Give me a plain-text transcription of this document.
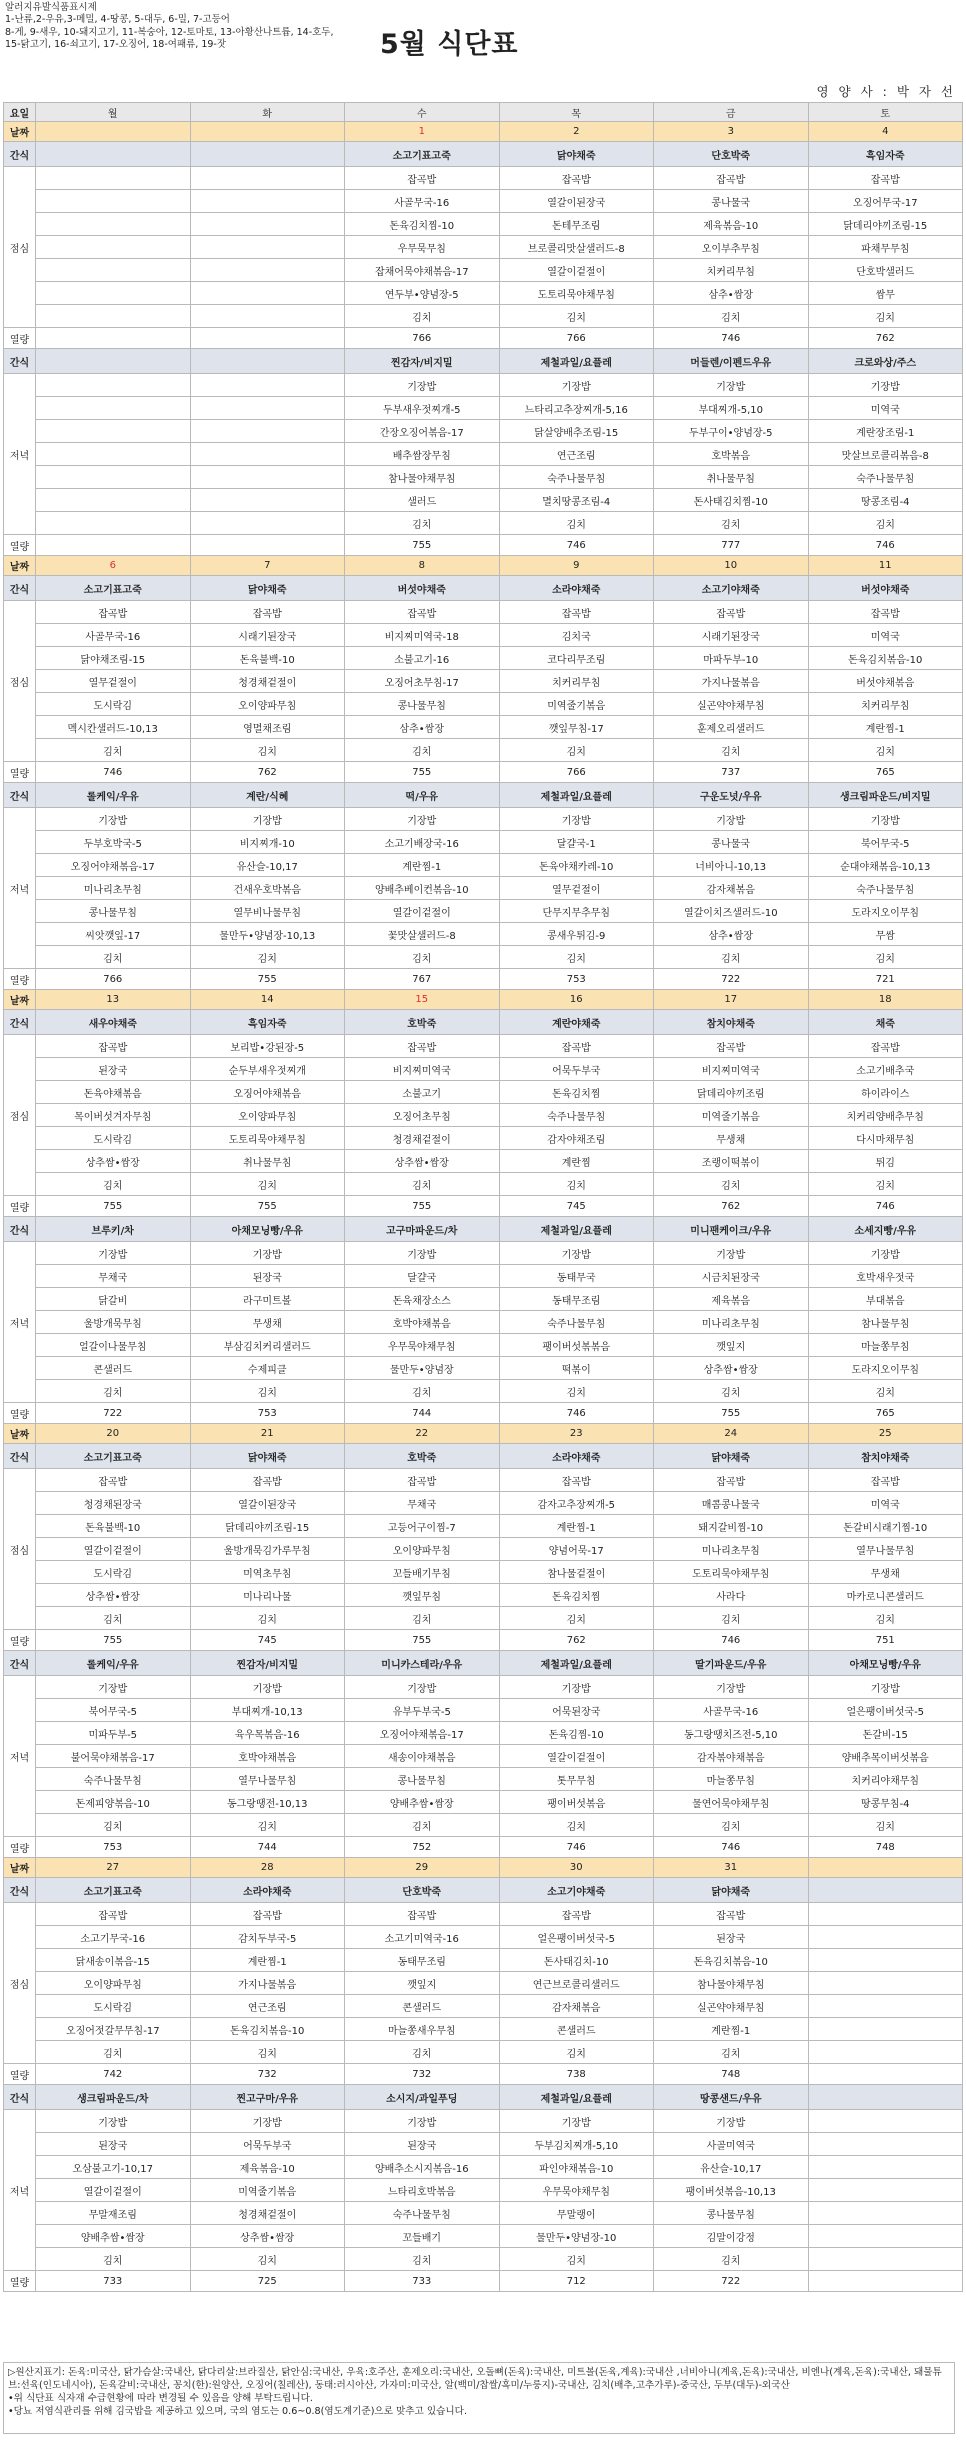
알러지유발식품표시제
1-난류,2-우유,3-메밀, 4-땅콩, 5-대두, 6-밀, 7-고등어
8-게, 9-새우, 10-돼지고기, 11-복숭아, 12-토마토, 13-아황산나트륨, 14-호두,
15-닭고기, 16-쇠고기, 17-오징어, 18-여패류, 19-잣	5월 식단표
영 양 사 : 박 자 선
요일	월	화	수	목	금	토
날짜			1	2	3	4
간식			소고기표고죽	닭야채죽	단호박죽	흑임자죽
점심			잡곡밥	잡곡밥	잡곡밥	잡곡밥
			사골무국-16	열갈이된장국	콩나물국	오징어무국-17
			돈육김치찜-10	돈테무조림	제육볶음-10	닭데리야끼조림-15
			우무묵무침	브로콜리맛살샐러드-8	오이부추무침	파채무무침
			잡채어묵야채볶음-17	열갈이겉절이	치커리무침	단호박샐러드
			연두부•양념장-5	도토리묵야채무침	삼추•쌈장	쌈무
			김치	김치	김치	김치
열량			766	766	746	762
간식			찐감자/비지밀	제철과일/요플레	머들렌/이펜드우유	크로와상/주스
저녁			기장밥	기장밥	기장밥	기장밥
			두부새우젓찌개-5	느타리고추장찌개-5,16	부대찌개-5,10	미역국
			간장오징어볶음-17	닭살양배추조림-15	두부구이•양념장-5	계란장조림-1
			배추쌈장무침	연근조림	호박볶음	맛살브로콜리볶음-8
			참나물야채무침	숙주나물무침	취나물무침	숙주나물무침
			샐러드	멸치땅콩조림-4	돈사태김치찜-10	땅콩조림-4
			김치	김치	김치	김치
열량			755	746	777	746
날짜	6	7	8	9	10	11
간식	소고기표고죽	닭야채죽	버섯야채죽	소라야채죽	소고기야채죽	버섯야채죽
점심	잡곡밥	잡곡밥	잡곡밥	잡곡밥	잡곡밥	잡곡밥
	사골무국-16	시래기된장국	비지찌미역국-18	김치국	시래기된장국	미역국
	닭야채조림-15	돈육불백-10	소불고기-16	코다리무조림	마파두부-10	돈육김치볶음-10
	열무겉절이	청경채겉절이	오징어초무침-17	치커리무침	가지나물볶음	버섯야채볶음
	도시락김	오이양파무침	콩나물무침	미역줄기볶음	실곤약야채무침	치커리무침
	멕시칸샐러드-10,13	영멸채조림	삼추•쌈장	깻잎무침-17	훈제오리샐러드	계란찜-1
	김치	김치	김치	김치	김치	김치
열량	746	762	755	766	737	765
간식	롤케익/우유	계란/식혜	떡/우유	제철과일/요플레	구운도넛/우유	생크림파운드/비지밀
저녁	기장밥	기장밥	기장밥	기장밥	기장밥	기장밥
	두부호박국-5	비지찌개-10	소고기배장국-16	달걀국-1	콩나물국	북어무국-5
	오징어야채볶음-17	유산슬-10,17	계란찜-1	돈육야채카레-10	너비아니-10,13	순대야채볶음-10,13
	미나리초무침	건새우호박볶음	양배추베이컨볶음-10	열무겉절이	감자채볶음	숙주나물무침
	콩나물무침	열무비나물무침	열갈이겉절이	단무지무추무침	열갈이치즈샐러드-10	도라지오이무침
	씨앗깻잎-17	물만두•양념장-10,13	꽃맛살샐러드-8	콩새우튀김-9	삼추•쌈장	무쌈
	김치	김치	김치	김치	김치	김치
열량	766	755	767	753	722	721
날짜	13	14	15	16	17	18
간식	새우야채죽	흑임자죽	호박죽	계란야채죽	참치야채죽	채죽
점심	잡곡밥	보리밥•강된장-5	잡곡밥	잡곡밥	잡곡밥	잡곡밥
	된장국	순두부새우젓찌개	비지찌미역국	어묵두부국	비지찌미역국	소고기배추국
	돈육야채볶음	오징어야채볶음	소불고기	돈육김치찜	닭데리야끼조림	하이라이스
	목이버섯겨자무침	오이양파무침	오징어초무침	숙주나물무침	미역줄기볶음	치커리양배추무침
	도시락김	도토리묵야채무침	청경채겉절이	감자야채조림	무생채	다시마채무침
	상추쌈•쌈장	취나물무침	상추쌈•쌈장	계란찜	조랭이떡볶이	튀김
	김치	김치	김치	김치	김치	김치
열량	755	755	755	745	762	746
간식	브루키/차	아채모닝빵/우유	고구마파운드/차	제철과일/요플레	미니팬케이크/우유	소세지빵/우유
저녁	기장밥	기장밥	기장밥	기장밥	기장밥	기장밥
	무채국	된장국	달걀국	동태무국	시금치된장국	호박새우젓국
	닭갈비	라구미트볼	돈육채장소스	동태무조림	제육볶음	부대볶음
	울방개묵무침	무생채	호박야채볶음	숙주나물무침	미나리초무침	참나물무침
	얼갈이나물무침	부삼김치커리샐러드	우무묵야채무침	팽이버섯볶볶음	깻잎지	마늘쫑무침
	콘샐러드	수제피클	물만두•양념장	떡볶이	상추쌈•쌈장	도라지오이무침
	김치	김치	김치	김치	김치	김치
열량	722	753	744	746	755	765
날짜	20	21	22	23	24	25
간식	소고기표고죽	닭야채죽	호박죽	소라야채죽	닭야채죽	참치야채죽
점심	잡곡밥	잡곡밥	잡곡밥	잡곡밥	잡곡밥	잡곡밥
	청경채된장국	열갈이된장국	무채국	감자고추장찌개-5	매콤콩나물국	미역국
	돈육불백-10	닭데리야끼조림-15	고등어구이찜-7	계란찜-1	돼지갈비찜-10	돈갈비시래기찜-10
	열갈이겉절이	울방개묵김가루무침	오이양파무침	양념어묵-17	미나리초무침	열무나물무침
	도시락김	미역초무침	꼬들배기무침	참나물겉절이	도토리묵야채무침	무생채
	상추쌈•쌈장	미나리나물	깻잎무침	돈육김치찜	사라다	마카로니콘샐러드
	김치	김치	김치	김치	김치	김치
열량	755	745	755	762	746	751
간식	롤케익/우유	찐감자/비지밀	미니카스테라/우유	제철과일/요플레	딸기파운드/우유	아채모닝빵/우유
저녁	기장밥	기장밥	기장밥	기장밥	기장밥	기장밥
	북어무국-5	부대찌개-10,13	유부두부국-5	어묵된장국	사골무국-16	얼은팽이버섯국-5
	미파두부-5	육우목볶음-16	오징어야채볶음-17	돈육김찜-10	동그랑땡치즈전-5,10	돈갈비-15
	불어묵야채볶음-17	호박야채볶음	새송이야채볶음	열갈이겉절이	감자볶야채볶음	양배추목이버섯볶음
	숙주나물무침	열무나물무침	콩나물무침	톳무무침	마늘쫑무침	치커리야채무침
	돈제피양볶음-10	동그랑땡전-10,13	양배추쌈•쌈장	팽이버섯볶음	물연어묵야채무침	땅콩무침-4
	김치	김치	김치	김치	김치	김치
열량	753	744	752	746	746	748
날짜	27	28	29	30	31	
간식	소고기표고죽	소라야채죽	단호박죽	소고기야채죽	닭야채죽	
점심	잡곡밥	잡곡밥	잡곡밥	잡곡밥	잡곡밥	
	소고기무국-16	감치두부국-5	소고기미역국-16	얼은팽이버섯국-5	된장국	
	닭새송이볶음-15	계란찜-1	동태무조림	돈사태김치-10	돈육김치볶음-10	
	오이양파무침	가지나물볶음	깻잎지	연근브로콜리샐러드	참나물야채무침	
	도시락김	연근조림	콘샐러드	감자채볶음	실곤약야채무침	
	오징어젓갈무무침-17	돈육김치볶음-10	마늘쫑새우무침	콘샐러드	계란찜-1	
	김치	김치	김치	김치	김치	
열량	742	732	732	738	748	
간식	생크림파운드/차	찐고구마/우유	소시지/과일푸딩	제철과일/요플레	땅콩샌드/우유	
저녁	기장밥	기장밥	기장밥	기장밥	기장밥	
	된장국	어묵두부국	된장국	두부김치찌개-5,10	사골미역국	
	오삼불고기-10,17	제육볶음-10	양배추소시지볶음-16	파인야채볶음-10	유산슬-10,17	
	열갈이겉절이	미역줄기볶음	느타리호박볶음	우무묵야채무침	팽이버섯볶음-10,13	
	무말재조림	청경채겉절이	숙주나물무침	무말랭이	콩나물무침	
	양배추쌈•쌈장	상추쌈•쌈장	꼬들배기	물만두•양념장-10	김말이강정	
	김치	김치	김치	김치	김치	
열량	733	725	733	712	722	
▷원산지표기: 돈육:미국산, 닭가슴살:국내산, 닭다리살:브라질산, 닭안심:국내산, 우육:호주산, 훈제오리:국내산, 오돌뼈(돈육):국내산, 미트볼(돈육,계육):국내산 ,너비아니(계육,돈육):국내산, 비엔나(계육,돈육):국내산, 돼물튜브:선육(인도네시아), 돈육갈비:국내산, 꽁치(한):원양산, 오징어(칠레산), 동태:러시아산, 가자미:미국산, 알(백미/찹쌀/흑미/누룽지)-국내산, 김치(배추,고추가루)-중국산, 두부(대두)-외국산
•위 식단표 식자재 수급현황에 따라 변경될 수 있음을 양해 부탁드립니다.
•당뇨 저염식관리를 위해 김국밥을 제공하고 있으며, 국의 염도는 0.6~0.8(염도계기준)으로 맞추고 있습니다.
